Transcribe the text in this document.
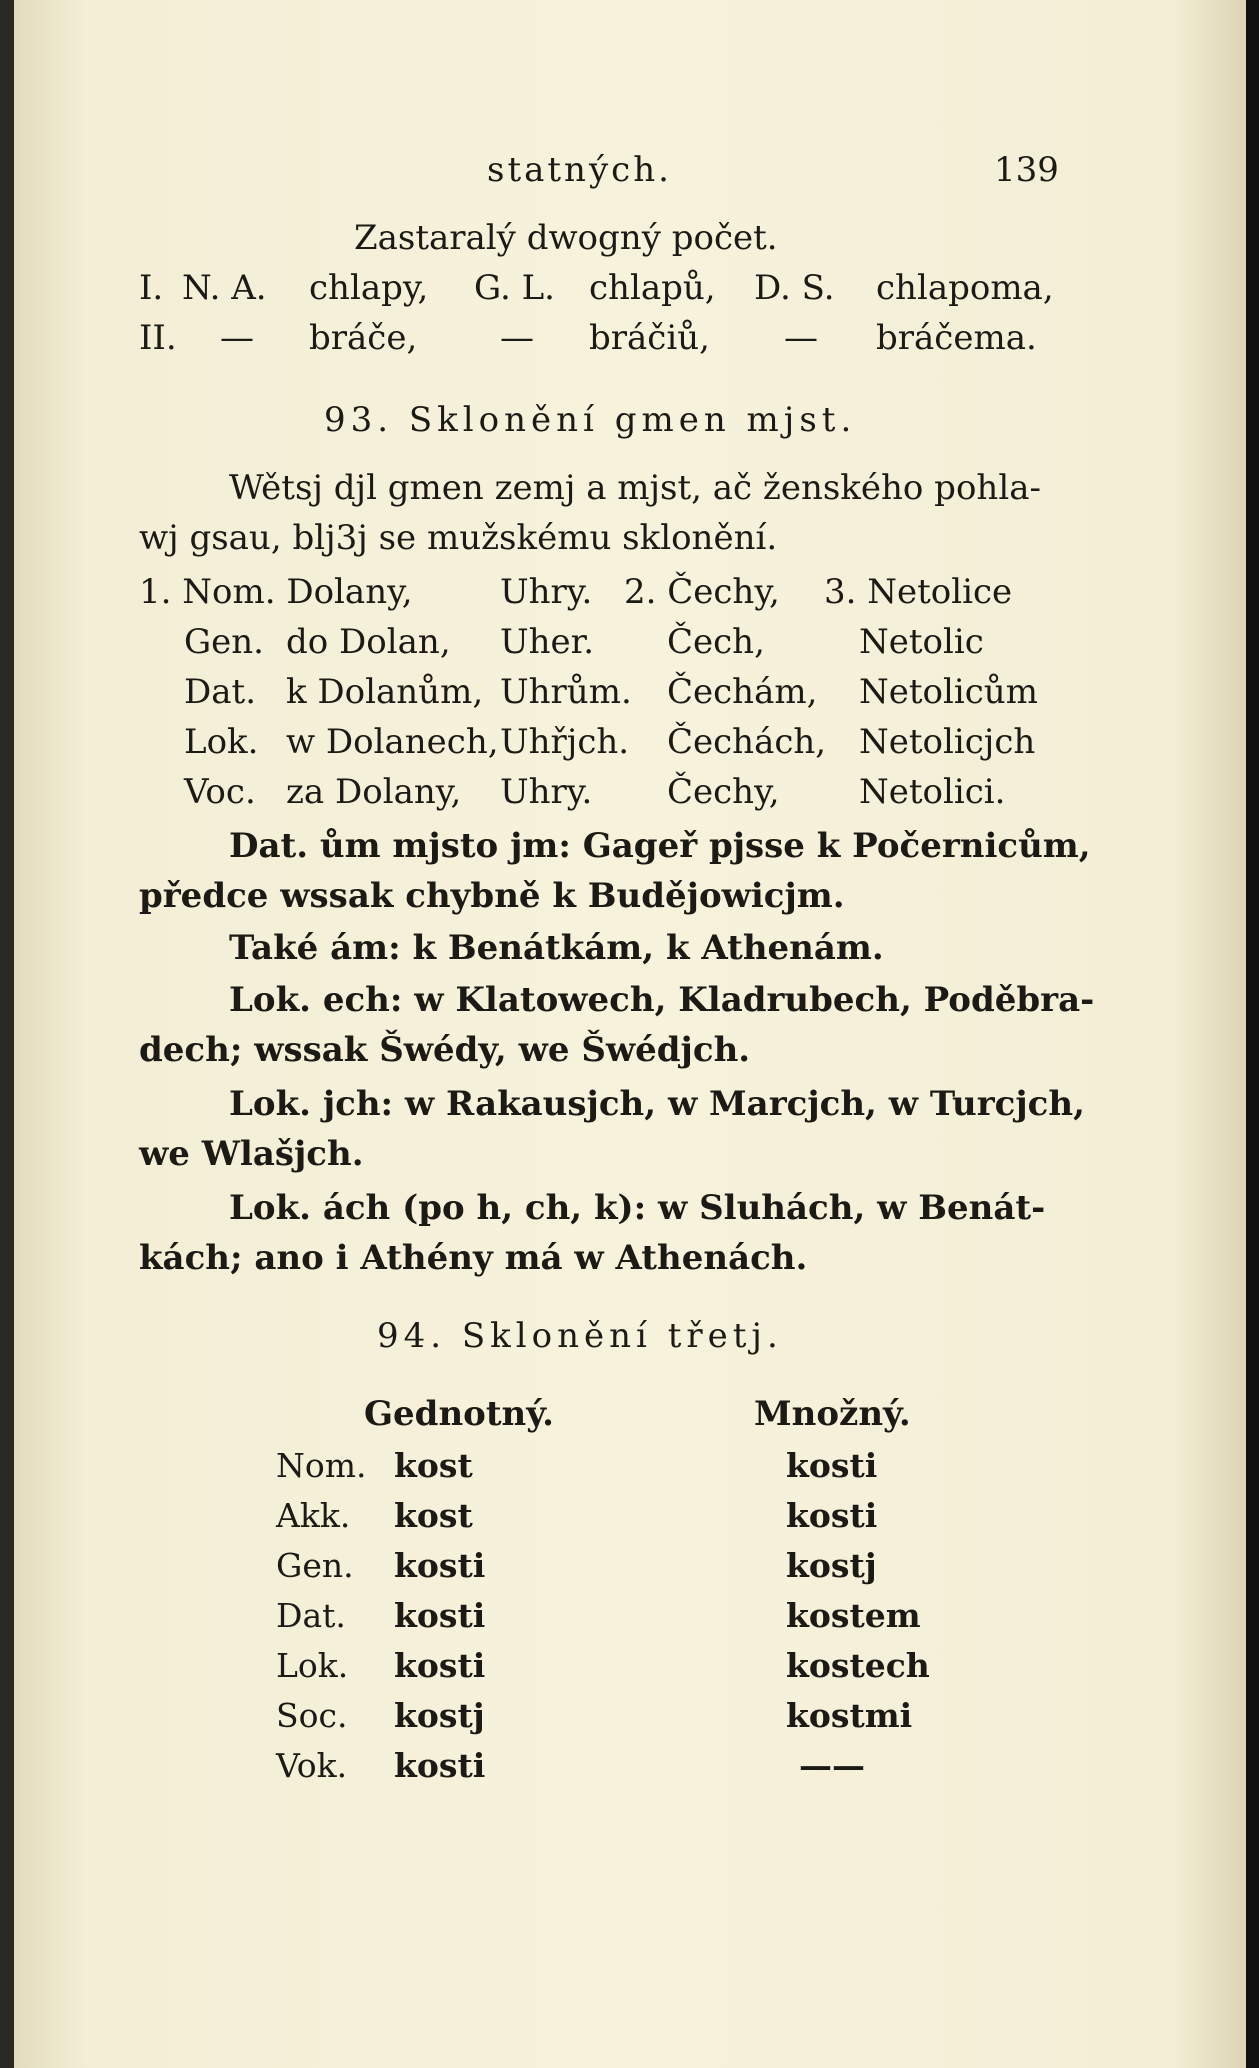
statných.	139
Zastaralý dwogný počet.
I. N. A. chlapy, G. L. chlapů, D. S. chlapoma,
II. — bráče, — bráčiů, — bráčema.
93. Sklonění gmen mjst.
Wětsj djl gmen zemj a mjst, ač ženského pohla-
wj gsau, blj3j se mužskému sklonění.
1. Nom. Dolany,	Uhry. 2. Čechy, 3. Netolice
Gen. do Dolan, Uher. Čech,	Netolic
Dat. k Dolanům, Uhrům. Čechám, Netolicům
Lok. w Dolanech, Uhřjch. Čechách, Netolicjch
Voc. za Dolany, Uhry. Čechy, Netolici.
Dat. ům mjsto jm: Gageř pjsse k Počernicům,
předce wssak chybně k Budějowicjm.
Také ám: k Benátkám, k Athenám.
Lok. ech: w Klatowech, Kladrubech, Poděbra-
dech; wssak Šwédy, we Šwédjch.
Lok. jch: w Rakausjch, w Marcjch, w Turcjch,
we Wlašjch.
Lok. ách (po h, ch, k): w Sluhách, w Benát-
kách; ano i Athény má w Athenách.
94. Sklonění třetj.
Gednotný.	Množný.
Nom. kost	kosti
Akk. kost	kosti
Gen. kosti	kostj
Dat. kosti	kostem
Lok. kosti	kostech
Soc. kostj	kostmi
Vok. kosti	——
